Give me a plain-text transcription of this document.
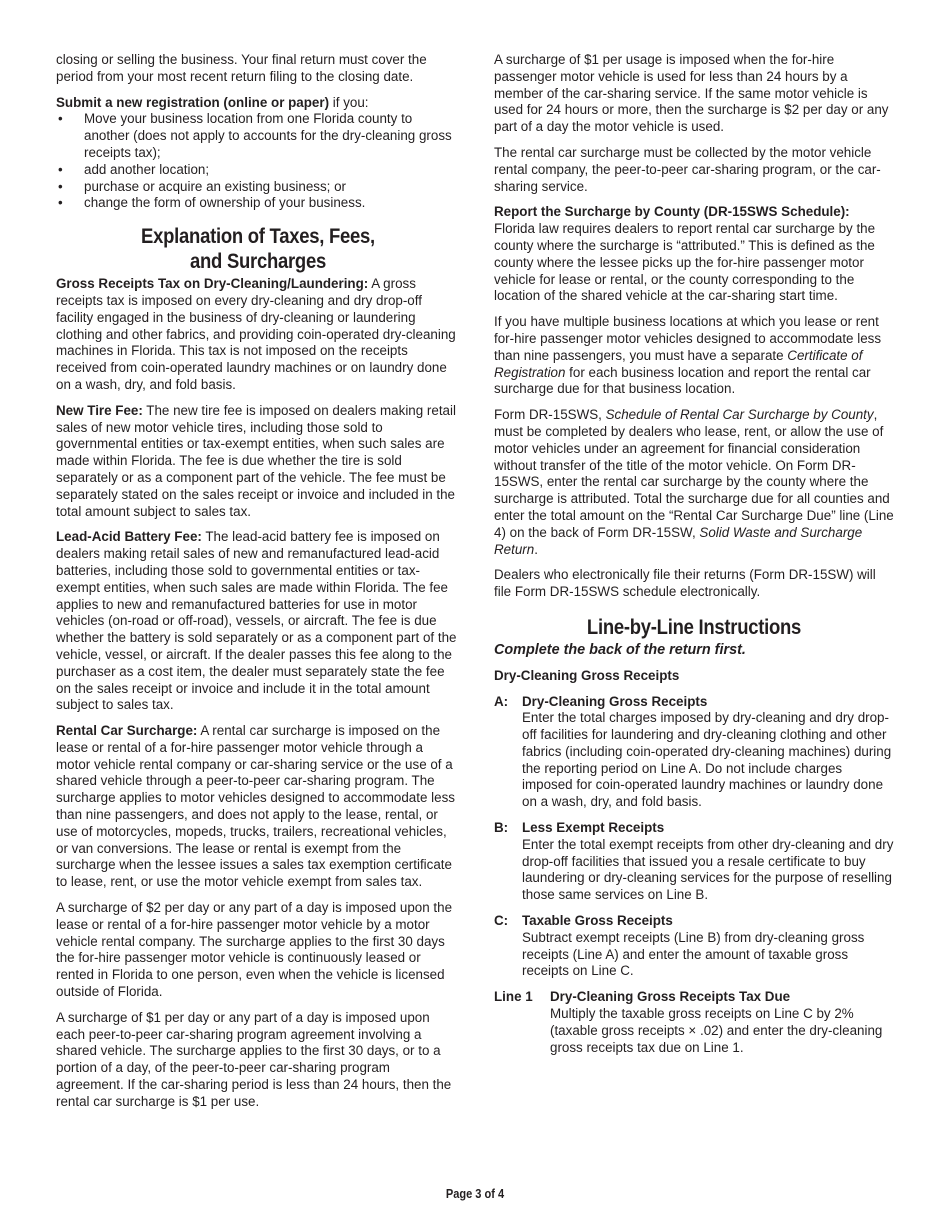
closing or selling the business. Your final return must cover the period from your most recent return filing to the closing date.

Submit a new registration (online or paper) if you:

• Move your business location from one Florida county to another (does not apply to accounts for the dry-cleaning gross receipts tax);
• add another location;
• purchase or acquire an existing business; or
• change the form of ownership of your business.
Explanation of Taxes, Fees,
and Surcharges

Gross Receipts Tax on Dry-Cleaning/Laundering: A gross receipts tax is imposed on every dry-cleaning and dry drop-off facility engaged in the business of dry-cleaning or laundering clothing and other fabrics, and providing coin-operated dry-cleaning machines in Florida. This tax is not imposed on the receipts received from coin-operated laundry machines or on laundry done on a wash, dry, and fold basis.

New Tire Fee: The new tire fee is imposed on dealers making retail sales of new motor vehicle tires, including those sold to governmental entities or tax-exempt entities, when such sales are made within Florida. The fee is due whether the tire is sold separately or as a component part of the vehicle. The fee must be separately stated on the sales receipt or invoice and included in the total amount subject to sales tax.

Lead-Acid Battery Fee: The lead-acid battery fee is imposed on dealers making retail sales of new and remanufactured lead-acid batteries, including those sold to governmental entities or tax-exempt entities, when such sales are made within Florida. The fee applies to new and remanufactured batteries for use in motor vehicles (on-road or off-road), vessels, or aircraft. The fee is due whether the battery is sold separately or as a component part of the vehicle, vessel, or aircraft. If the dealer passes this fee along to the purchaser as a cost item, the dealer must separately state the fee on the sales receipt or invoice and include it in the total amount subject to sales tax.

Rental Car Surcharge: A rental car surcharge is imposed on the lease or rental of a for-hire passenger motor vehicle through a motor vehicle rental company or car-sharing service or the use of a shared vehicle through a peer-to-peer car-sharing program. The surcharge applies to motor vehicles designed to accommodate less than nine passengers, and does not apply to the lease, rental, or use of motorcycles, mopeds, trucks, trailers, recreational vehicles, or van conversions. The lease or rental is exempt from the surcharge when the lessee issues a sales tax exemption certificate to lease, rent, or use the motor vehicle exempt from sales tax.

A surcharge of $2 per day or any part of a day is imposed upon the lease or rental of a for-hire passenger motor vehicle by a motor vehicle rental company. The surcharge applies to the first 30 days the for-hire passenger motor vehicle is continuously leased or rented in Florida to one person, even when the vehicle is licensed outside of Florida.

A surcharge of $1 per day or any part of a day is imposed upon each peer-to-peer car-sharing program agreement involving a shared vehicle. The surcharge applies to the first 30 days, or to a portion of a day, of the peer-to-peer car-sharing program agreement. If the car-sharing period is less than 24 hours, then the rental car surcharge is $1 per use.

A surcharge of $1 per usage is imposed when the for-hire passenger motor vehicle is used for less than 24 hours by a member of the car-sharing service. If the same motor vehicle is used for 24 hours or more, then the surcharge is $2 per day or any part of a day the motor vehicle is used.

The rental car surcharge must be collected by the motor vehicle rental company, the peer-to-peer car-sharing program, or the car-sharing service.

Report the Surcharge by County (DR-15SWS Schedule): Florida law requires dealers to report rental car surcharge by the county where the surcharge is “attributed.” This is defined as the county where the lessee picks up the for-hire passenger motor vehicle for lease or rental, or the county corresponding to the location of the shared vehicle at the car-sharing start time.

If you have multiple business locations at which you lease or rent for-hire passenger motor vehicles designed to accommodate less than nine passengers, you must have a separate Certificate of Registration for each business location and report the rental car surcharge due for that business location.

Form DR-15SWS, Schedule of Rental Car Surcharge by County, must be completed by dealers who lease, rent, or allow the use of motor vehicles under an agreement for financial consideration without transfer of the title of the motor vehicle. On Form DR-15SWS, enter the rental car surcharge by the county where the surcharge is attributed. Total the surcharge due for all counties and enter the total amount on the “Rental Car Surcharge Due” line (Line 4) on the back of Form DR-15SW, Solid Waste and Surcharge Return.

Dealers who electronically file their returns (Form DR-15SW) will file Form DR-15SWS schedule electronically.

Line-by-Line Instructions
Complete the back of the return first.

Dry-Cleaning Gross Receipts

A:	Dry-Cleaning Gross Receipts
Enter the total charges imposed by dry-cleaning and dry drop-off facilities for laundering and dry-cleaning clothing and other fabrics (including coin-operated dry-cleaning machines) during the reporting period on Line A. Do not include charges imposed for coin-operated laundry machines or laundry done on a wash, dry, and fold basis.
B:	Less Exempt Receipts
Enter the total exempt receipts from other dry-cleaning and dry drop-off facilities that issued you a resale certificate to buy laundering or dry-cleaning services for the purpose of reselling those same services on Line B.
C:	Taxable Gross Receipts
Subtract exempt receipts (Line B) from dry-cleaning gross receipts (Line A) and enter the amount of taxable gross receipts on Line C.
Line 1	Dry-Cleaning Gross Receipts Tax Due
Multiply the taxable gross receipts on Line C by 2% (taxable gross receipts × .02) and enter the dry-cleaning gross receipts tax due on Line 1.
Page 3 of 4
